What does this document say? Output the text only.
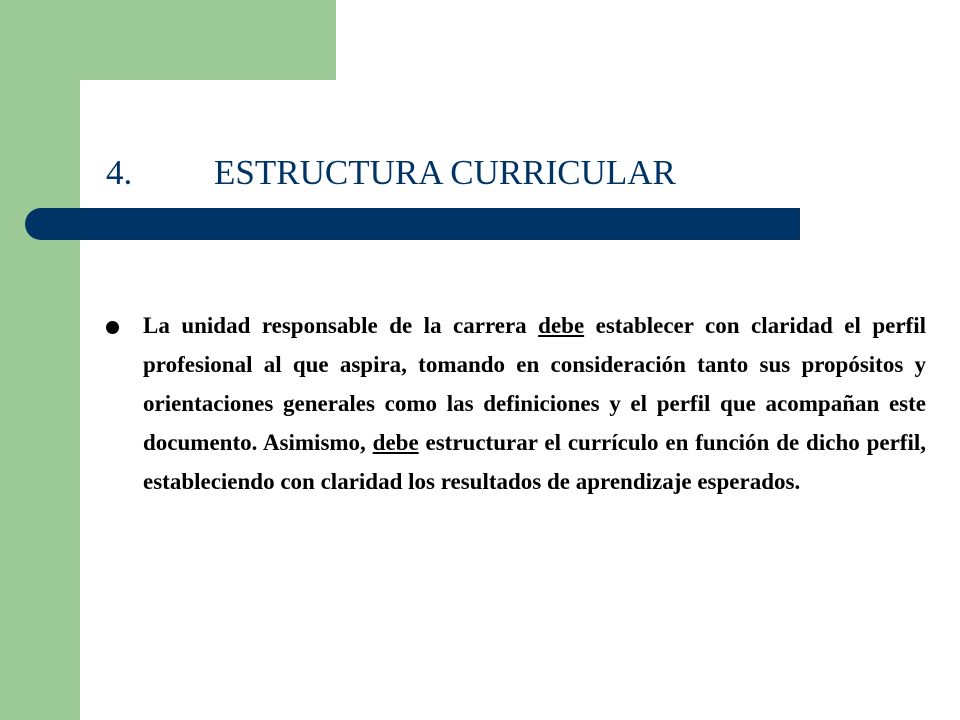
4. ESTRUCTURA CURRICULAR
La unidad responsable de la carrera debe establecer con claridad el perfil profesional al que aspira, tomando en consideración tanto sus propósitos y orientaciones generales como las definiciones y el perfil que acompañan este documento. Asimismo, debe estructurar el currículo en función de dicho perfil, estableciendo con claridad los resultados de aprendizaje esperados.
